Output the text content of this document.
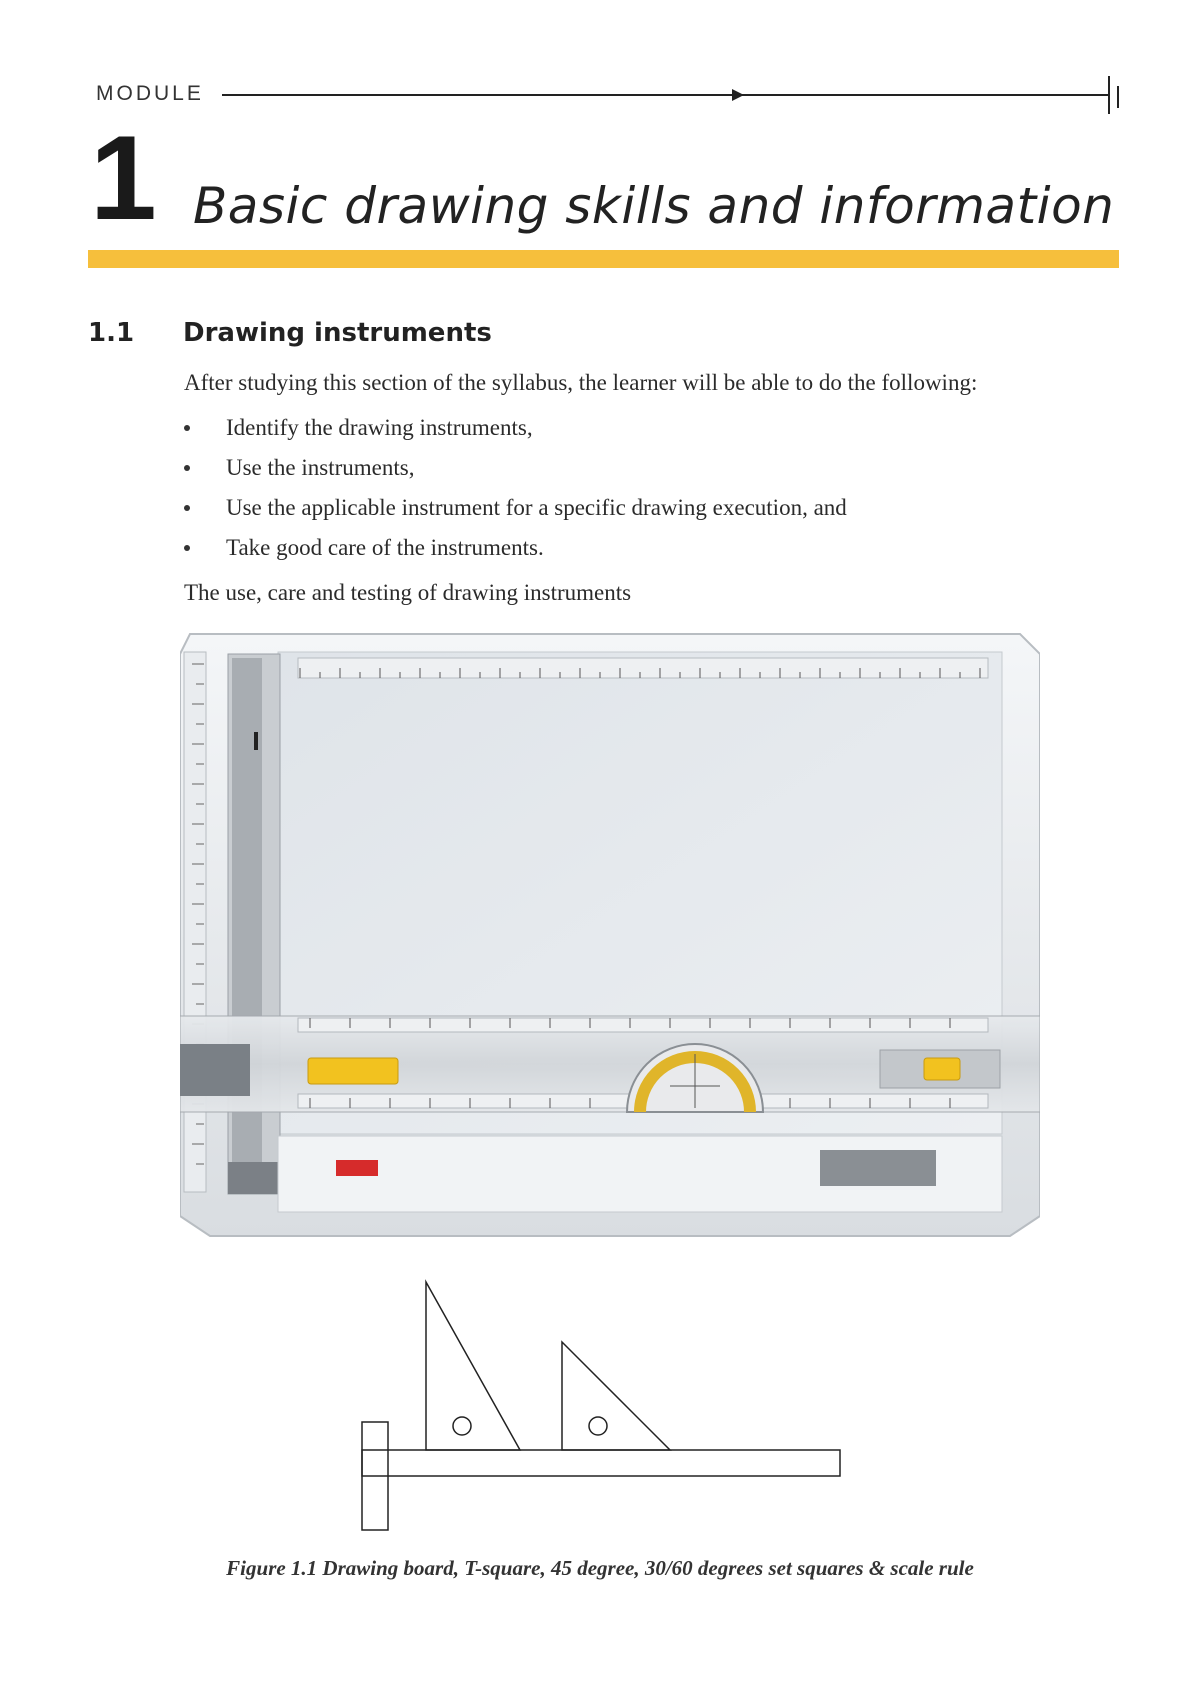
MODULE
1 Basic drawing skills and information
1.1 Drawing instruments
After studying this section of the syllabus, the learner will be able to do the following:
Identify the drawing instruments,
Use the instruments,
Use the applicable instrument for a specific drawing execution, and
Take good care of the instruments.
The use, care and testing of drawing instruments
Figure 1.1 Drawing board, T-square, 45 degree, 30/60 degrees set squares & scale rule
